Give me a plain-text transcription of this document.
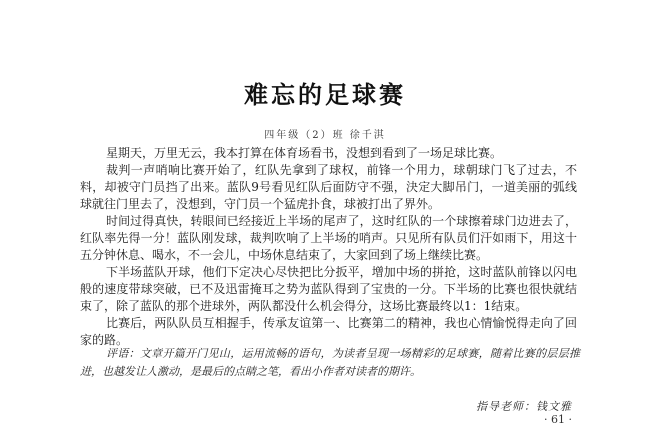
难忘的足球赛
四年级（2）班 徐千淇

星期天，万里无云，我本打算在体育场看书，没想到看到了一场足球比赛。

裁判一声哨响比赛开始了，红队先拿到了球权，前锋一个用力，球朝球门飞了过去，不料，却被守门员挡了出来。蓝队9号看见红队后面防守不强，決定大脚吊门，一道美丽的弧线球就往门里去了，没想到，守门员一个猛虎扑食，球被打出了界外。

时间过得真快，转眼间已经接近上半场的尾声了，这时红队的一个球擦着球门边进去了，红队率先得一分！蓝队刚发球，裁判吹响了上半场的哨声。只见所有队员们汗如雨下，用这十五分钟休息、喝水，不一会儿，中场休息结束了，大家回到了场上继续比赛。

下半场蓝队开球，他们下定决心尽快把比分扳平，增加中场的拼抢，这时蓝队前锋以闪电般的速度带球突破，已不及迅雷掩耳之势为蓝队得到了宝贵的一分。下半场的比赛也很快就结束了，除了蓝队的那个进球外，两队都没什么机会得分，这场比赛最终以1：1结束。

比赛后，两队队员互相握手，传承友谊第一、比赛第二的精神，我也心情愉悦得走向了回家的路。

评语：文章开篇开门见山，运用流畅的语句，为读者呈现一场精彩的足球赛，随着比赛的层层推进，也越发让人激动，是最后的点睛之笔，看出小作者对读者的期许。

指导老师：钱文雅
· 61 ·
